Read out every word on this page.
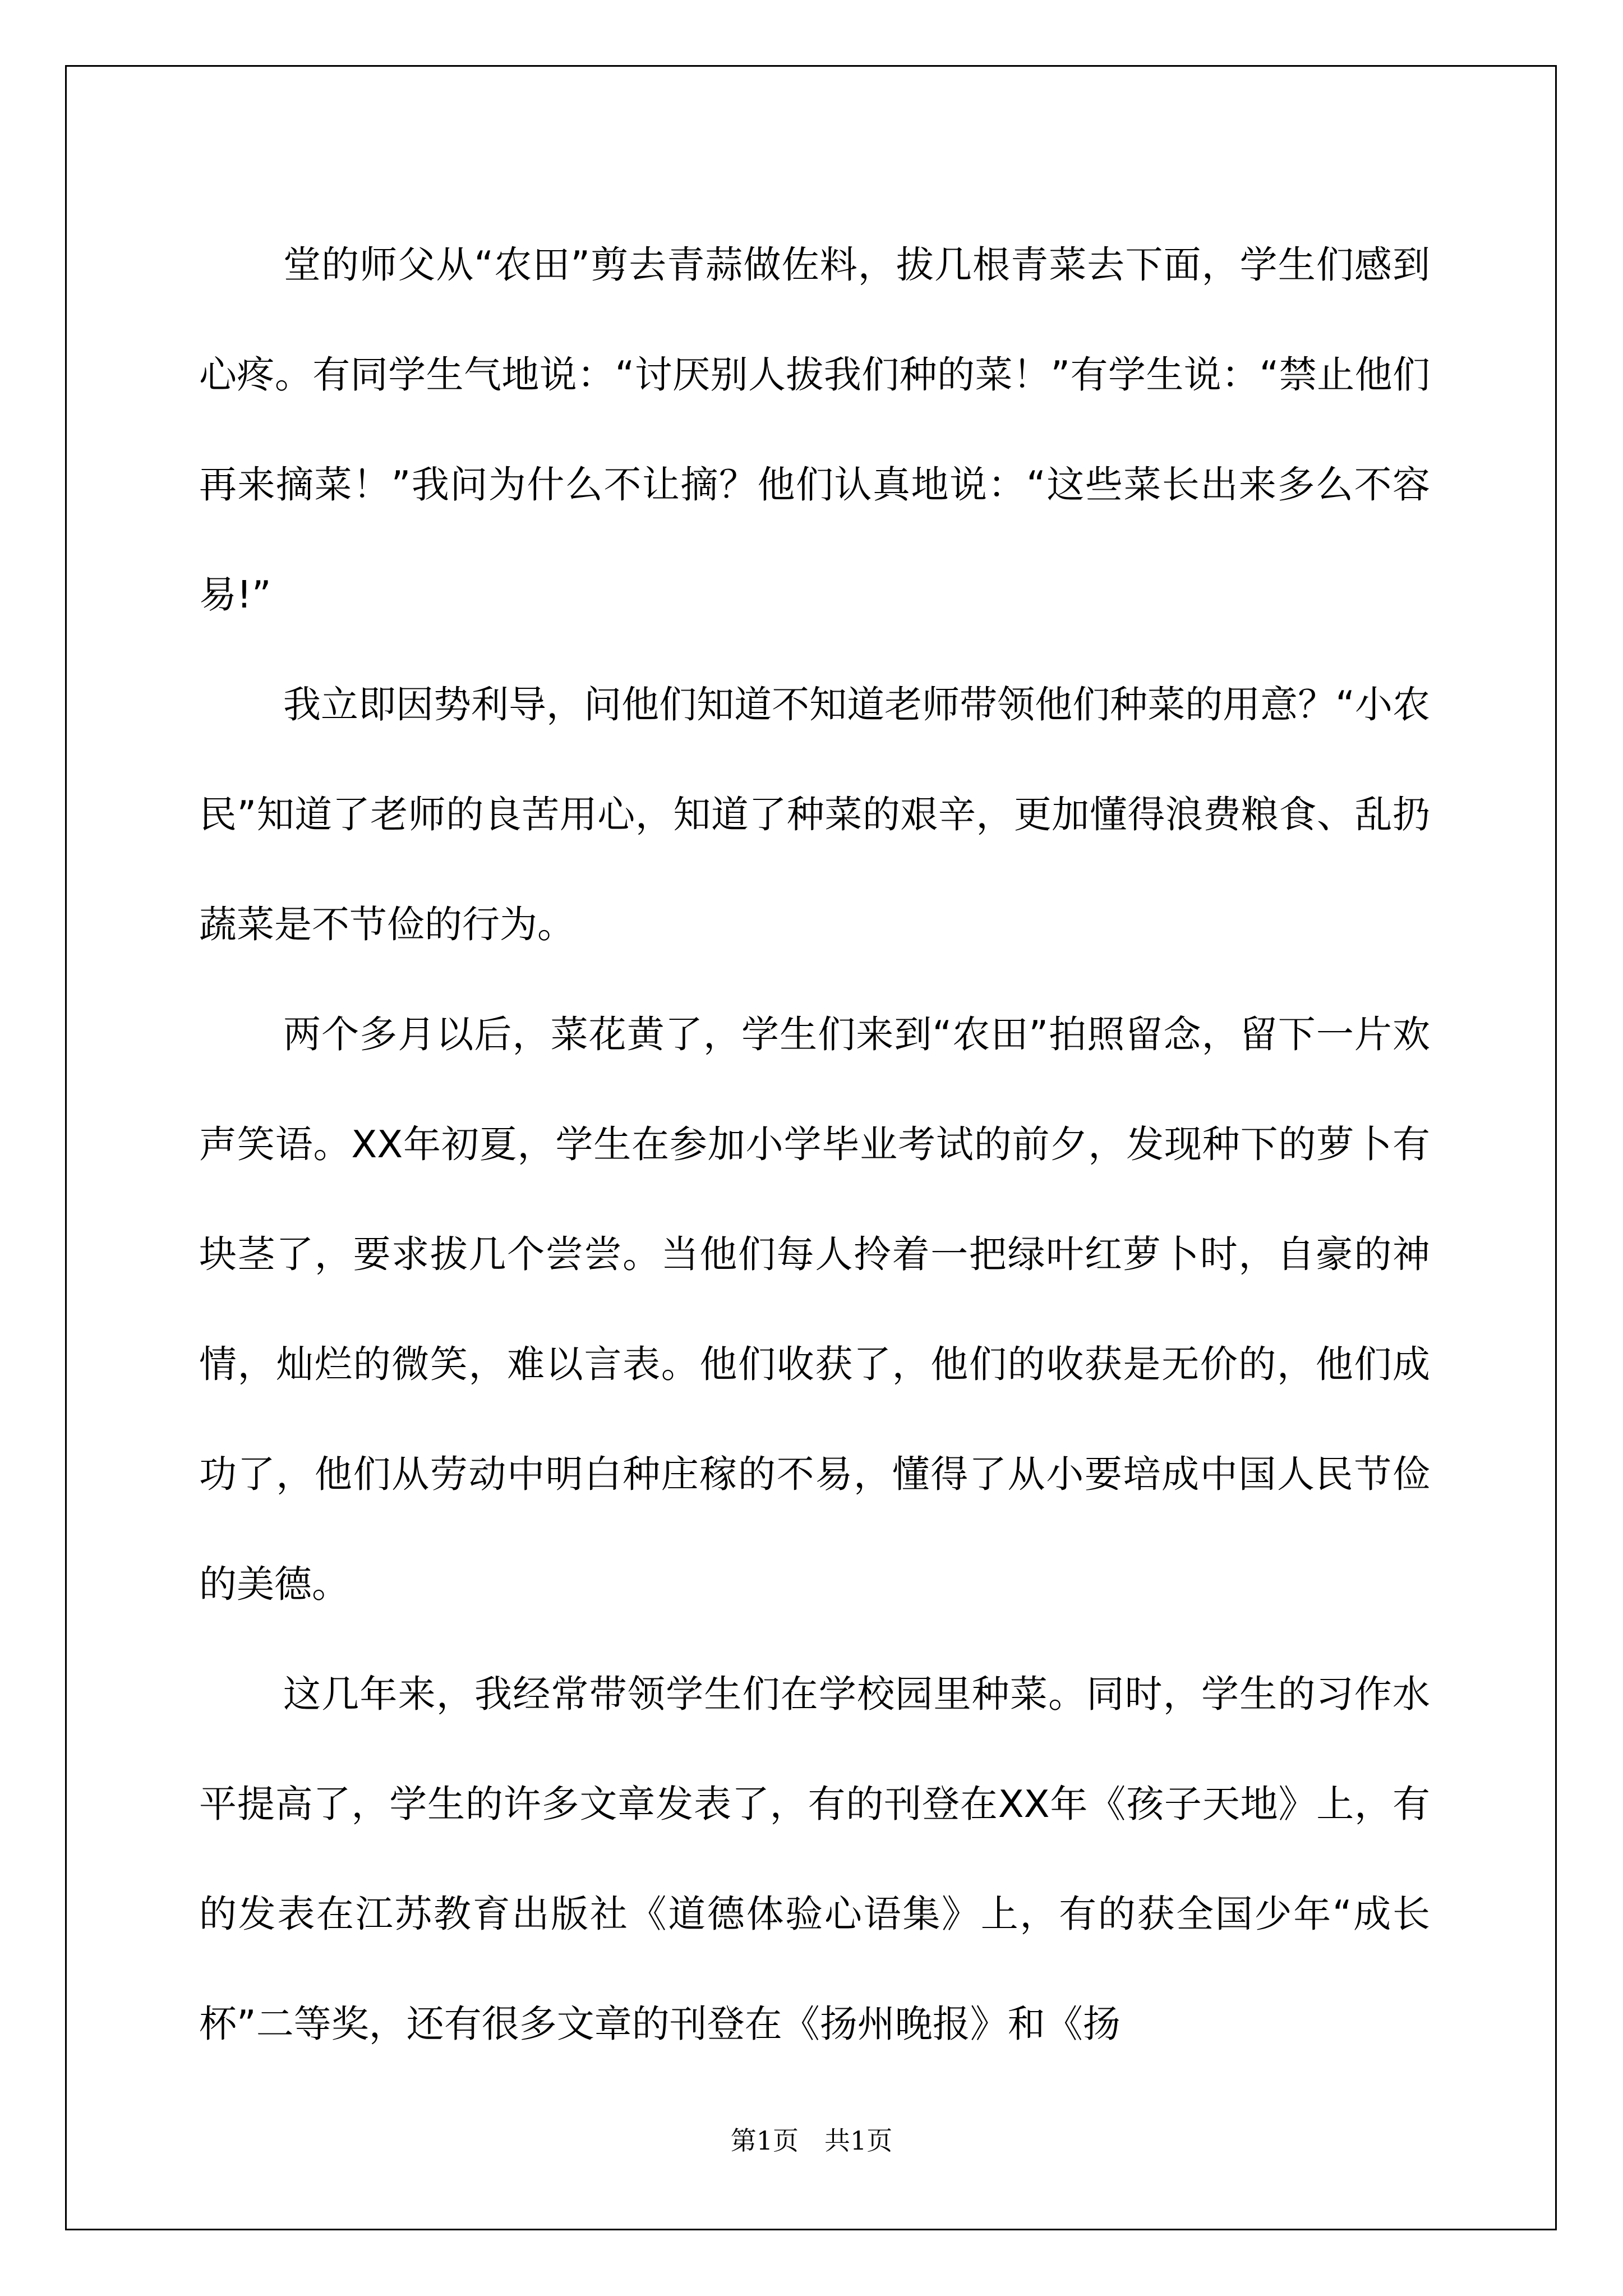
堂的师父从“农田”剪去青蒜做佐料，拔几根青菜去下面，学生们感到心疼。有同学生气地说：“讨厌别人拔我们种的菜！”有学生说：“禁止他们再来摘菜！”我问为什么不让摘？他们认真地说：“这些菜长出来多么不容易!”

我立即因势利导，问他们知道不知道老师带领他们种菜的用意？“小农民”知道了老师的良苦用心，知道了种菜的艰辛，更加懂得浪费粮食、乱扔蔬菜是不节俭的行为。

两个多月以后，菜花黄了，学生们来到“农田”拍照留念，留下一片欢声笑语。XX年初夏，学生在参加小学毕业考试的前夕，发现种下的萝卜有块茎了，要求拔几个尝尝。当他们每人拎着一把绿叶红萝卜时，自豪的神情，灿烂的微笑，难以言表。他们收获了，他们的收获是无价的，他们成功了，他们从劳动中明白种庄稼的不易，懂得了从小要培成中国人民节俭的美德。

这几年来，我经常带领学生们在学校园里种菜。同时，学生的习作水平提高了，学生的许多文章发表了，有的刊登在XX年《孩子天地》上，有的发表在江苏教育出版社《道德体验心语集》上，有的获全国少年“成长杯”二等奖，还有很多文章的刊登在《扬州晚报》和《扬

第1页　共1页
